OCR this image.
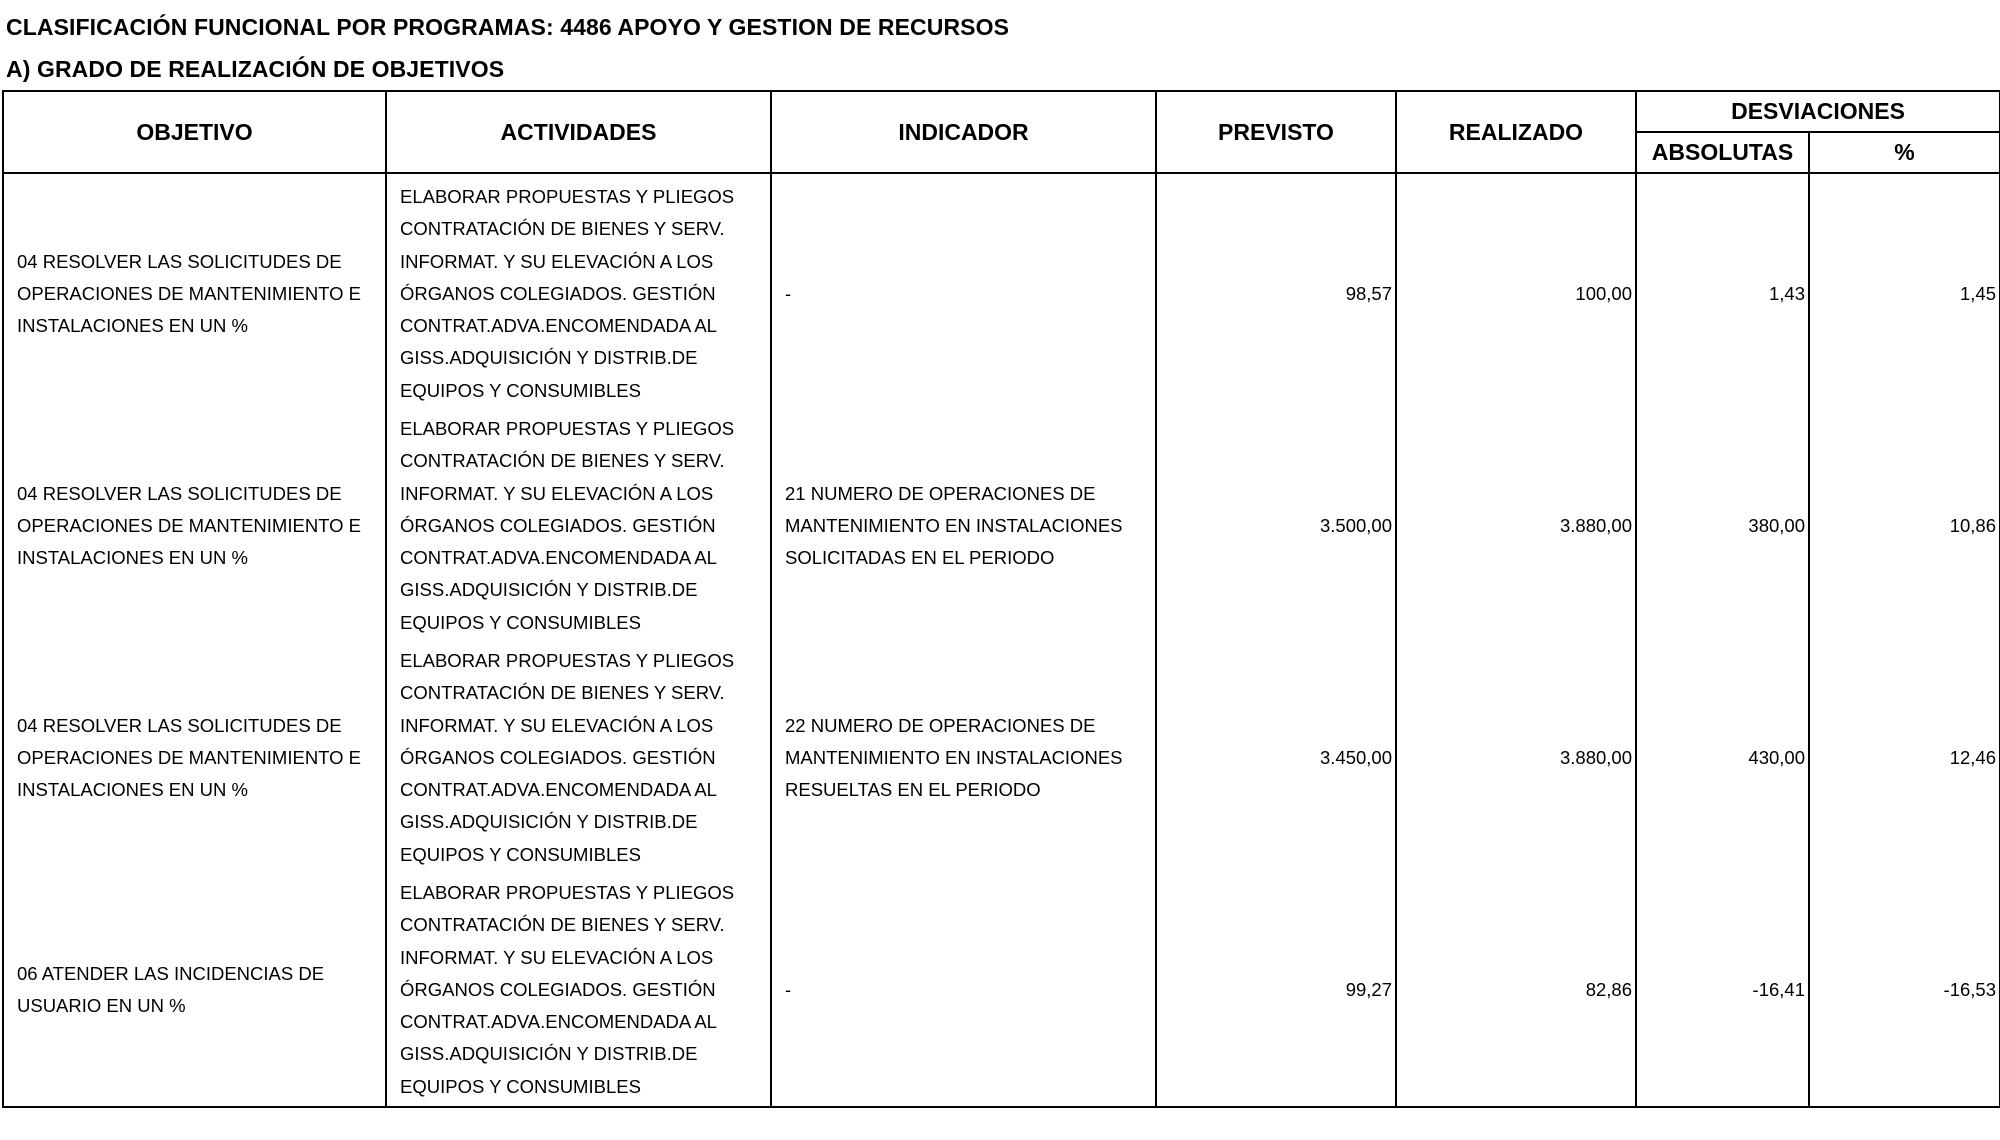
CLASIFICACIÓN FUNCIONAL POR PROGRAMAS: 4486 APOYO Y GESTION DE RECURSOS
A) GRADO DE REALIZACIÓN DE OBJETIVOS
OBJETIVO	ACTIVIDADES	INDICADOR	PREVISTO	REALIZADO	DESVIACIONES	
					ABSOLUTAS	%

04 RESOLVER LAS SOLICITUDES DE OPERACIONES DE MANTENIMIENTO E INSTALACIONES EN UN %	ELABORAR PROPUESTAS Y PLIEGOS CONTRATACIÓN DE BIENES Y SERV. INFORMAT. Y SU ELEVACIÓN A LOS ÓRGANOS COLEGIADOS. GESTIÓN CONTRAT.ADVA.ENCOMENDADA AL GISS.ADQUISICIÓN Y DISTRIB.DE EQUIPOS Y CONSUMIBLES	-	98,57	100,00	1,43	1,45

04 RESOLVER LAS SOLICITUDES DE OPERACIONES DE MANTENIMIENTO E INSTALACIONES EN UN %	ELABORAR PROPUESTAS Y PLIEGOS CONTRATACIÓN DE BIENES Y SERV. INFORMAT. Y SU ELEVACIÓN A LOS ÓRGANOS COLEGIADOS. GESTIÓN CONTRAT.ADVA.ENCOMENDADA AL GISS.ADQUISICIÓN Y DISTRIB.DE EQUIPOS Y CONSUMIBLES	21 NUMERO DE OPERACIONES DE MANTENIMIENTO EN INSTALACIONES SOLICITADAS EN EL PERIODO	3.500,00	3.880,00	380,00	10,86

04 RESOLVER LAS SOLICITUDES DE OPERACIONES DE MANTENIMIENTO E INSTALACIONES EN UN %	ELABORAR PROPUESTAS Y PLIEGOS CONTRATACIÓN DE BIENES Y SERV. INFORMAT. Y SU ELEVACIÓN A LOS ÓRGANOS COLEGIADOS. GESTIÓN CONTRAT.ADVA.ENCOMENDADA AL GISS.ADQUISICIÓN Y DISTRIB.DE EQUIPOS Y CONSUMIBLES	22 NUMERO DE OPERACIONES DE MANTENIMIENTO EN INSTALACIONES RESUELTAS EN EL PERIODO	3.450,00	3.880,00	430,00	12,46

06 ATENDER LAS INCIDENCIAS DE USUARIO EN UN %	ELABORAR PROPUESTAS Y PLIEGOS CONTRATACIÓN DE BIENES Y SERV. INFORMAT. Y SU ELEVACIÓN A LOS ÓRGANOS COLEGIADOS. GESTIÓN CONTRAT.ADVA.ENCOMENDADA AL GISS.ADQUISICIÓN Y DISTRIB.DE EQUIPOS Y CONSUMIBLES	-	99,27	82,86	-16,41	-16,53
